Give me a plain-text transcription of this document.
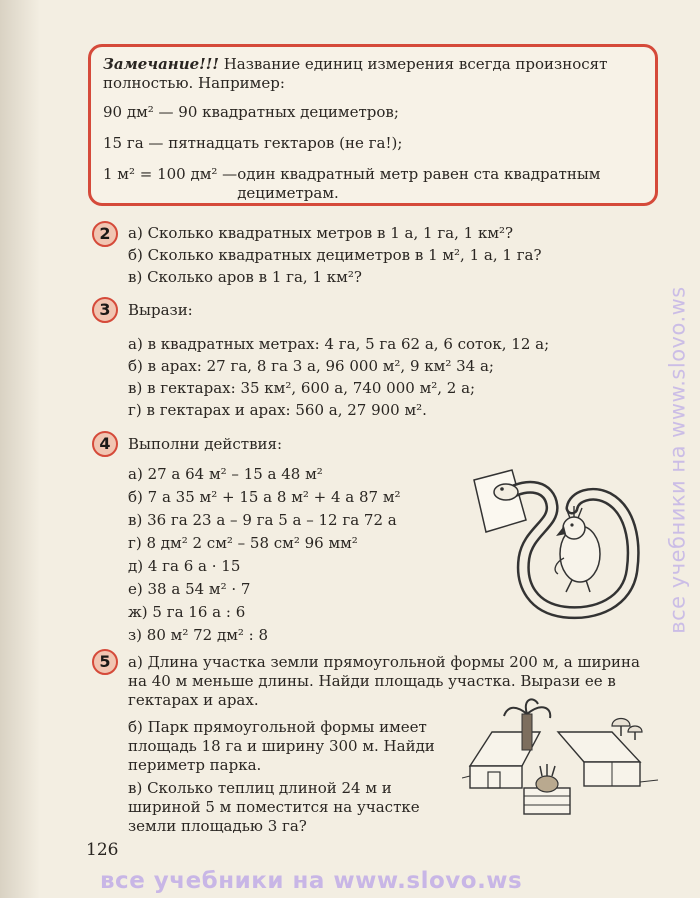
Замечание!!! Название единиц измерения всегда произносят полностью. Например:
90 дм² — 90 квадратных дециметров;
15 га — пятнадцать гектаров (не га!);
1 м² = 100 дм² — один квадратный метр равен ста квадратным дециметрам.
2	а) Сколько квадратных метров в 1 а, 1 га, 1 км²?
б) Сколько квадратных дециметров в 1 м², 1 а, 1 га?
в) Сколько аров в 1 га, 1 км²?
3	Вырази:
а) в квадратных метрах: 4 га, 5 га 62 а, 6 соток, 12 а;
б) в арах: 27 га, 8 га 3 а, 96 000 м², 9 км² 34 а;
в) в гектарах: 35 км², 600 а, 740 000 м², 2 а;
г) в гектарах и арах: 560 а, 27 900 м².
4	Выполни действия:
а) 27 а 64 м² – 15 а 48 м²
б) 7 а 35 м² + 15 а 8 м² + 4 а 87 м²
в) 36 га 23 а – 9 га 5 а – 12 га 72 а
г) 8 дм² 2 см² – 58 см² 96 мм²
д) 4 га 6 а · 15
е) 38 а 54 м² · 7
ж) 5 га 16 а : 6
з) 80 м² 72 дм² : 8
5	а) Длина участка земли прямоугольной формы 200 м, а ширина на 40 м меньше длины. Найди площадь участка. Вырази ее в гектарах и арах.
б) Парк прямоугольной формы имеет площадь 18 га и ширину 300 м. Найди периметр парка.
в) Сколько теплиц длиной 24 м и шириной 5 м поместится на участке земли площадью 3 га?
126
все учебники на www.slovo.ws
все учебники на www.slovo.ws
